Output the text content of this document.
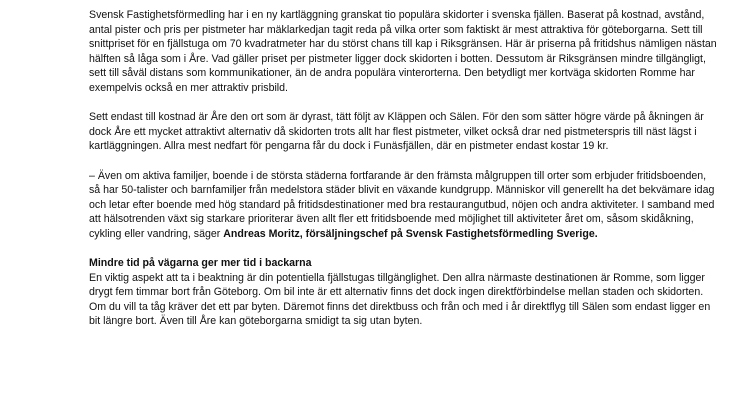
Svensk Fastighetsförmedling har i en ny kartläggning granskat tio populära skidorter i svenska fjällen. Baserat på kostnad, avstånd, antal pister och pris per pistmeter har mäklarkedjan tagit reda på vilka orter som faktiskt är mest attraktiva för göteborgarna. Sett till snittpriset för en fjällstuga om 70 kvadratmeter har du störst chans till kap i Riksgränsen. Här är priserna på fritidshus nämligen nästan hälften så låga som i Åre. Vad gäller priset per pistmeter ligger dock skidorten i botten. Dessutom är Riksgränsen mindre tillgängligt, sett till såväl distans som kommunikationer, än de andra populära vinterorterna. Den betydligt mer kortväga skidorten Romme har exempelvis också en mer attraktiv prisbild.

Sett endast till kostnad är Åre den ort som är dyrast, tätt följt av Kläppen och Sälen. För den som sätter högre värde på åkningen är dock Åre ett mycket attraktivt alternativ då skidorten trots allt har flest pistmeter, vilket också drar ned pistmeterspris till näst lägst i kartläggningen. Allra mest nedfart för pengarna får du dock i Funäsfjällen, där en pistmeter endast kostar 19 kr.

– Även om aktiva familjer, boende i de största städerna fortfarande är den främsta målgruppen till orter som erbjuder fritidsboenden, så har 50-talister och barnfamiljer från medelstora städer blivit en växande kundgrupp. Människor vill generellt ha det bekvämare idag och letar efter boende med hög standard på fritidsdestinationer med bra restaurangutbud, nöjen och andra aktiviteter. I samband med att hälsotrenden växt sig starkare prioriterar även allt fler ett fritidsboende med möjlighet till aktiviteter året om, såsom skidåkning, cykling eller vandring, säger Andreas Moritz, försäljningschef på Svensk Fastighetsförmedling Sverige.

Mindre tid på vägarna ger mer tid i backarna

En viktig aspekt att ta i beaktning är din potentiella fjällstugas tillgänglighet. Den allra närmaste destinationen är Romme, som ligger drygt fem timmar bort från Göteborg. Om bil inte är ett alternativ finns det dock ingen direktförbindelse mellan staden och skidorten. Om du vill ta tåg kräver det ett par byten. Däremot finns det direktbuss och från och med i år direktflyg till Sälen som endast ligger en bit längre bort. Även till Åre kan göteborgarna smidigt ta sig utan byten.
